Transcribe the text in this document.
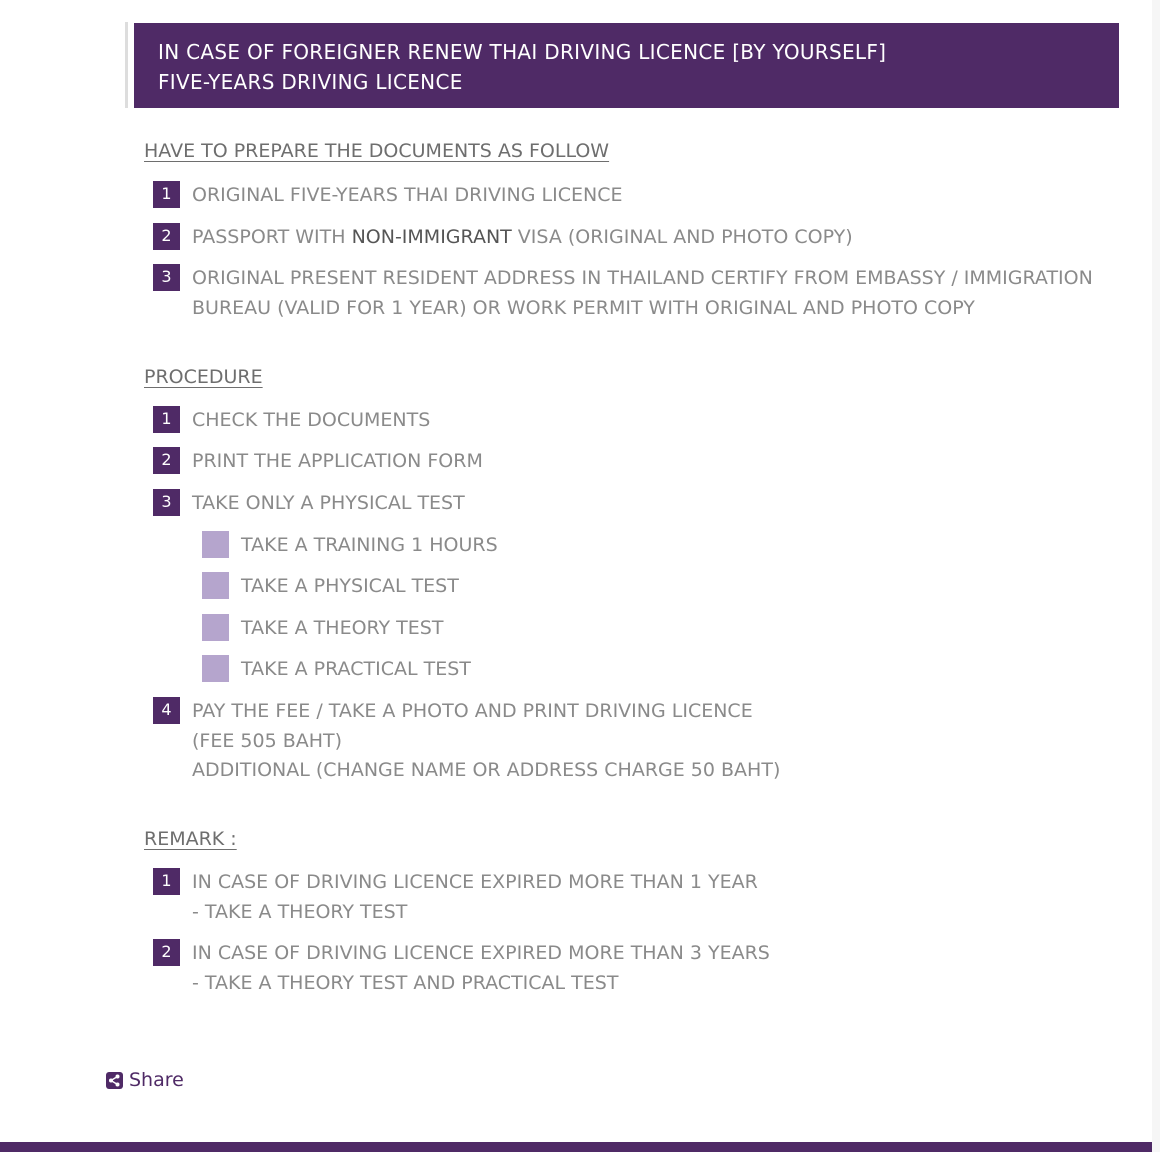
IN CASE OF FOREIGNER RENEW THAI DRIVING LICENCE [BY YOURSELF]
FIVE-YEARS DRIVING LICENCE
HAVE TO PREPARE THE DOCUMENTS AS FOLLOW
1	ORIGINAL FIVE-YEARS THAI DRIVING LICENCE
2	PASSPORT WITH NON-IMMIGRANT VISA (ORIGINAL AND PHOTO COPY)
3	ORIGINAL PRESENT RESIDENT ADDRESS IN THAILAND CERTIFY FROM EMBASSY / IMMIGRATION
BUREAU (VALID FOR 1 YEAR) OR WORK PERMIT WITH ORIGINAL AND PHOTO COPY
PROCEDURE
1	CHECK THE DOCUMENTS
2	PRINT THE APPLICATION FORM
3	TAKE ONLY A PHYSICAL TEST
TAKE A TRAINING 1 HOURS
TAKE A PHYSICAL TEST
TAKE A THEORY TEST
TAKE A PRACTICAL TEST
4	PAY THE FEE / TAKE A PHOTO AND PRINT DRIVING LICENCE
(FEE 505 BAHT)
ADDITIONAL (CHANGE NAME OR ADDRESS CHARGE 50 BAHT)
REMARK :
1	IN CASE OF DRIVING LICENCE EXPIRED MORE THAN 1 YEAR
- TAKE A THEORY TEST
2	IN CASE OF DRIVING LICENCE EXPIRED MORE THAN 3 YEARS
- TAKE A THEORY TEST AND PRACTICAL TEST
Share
